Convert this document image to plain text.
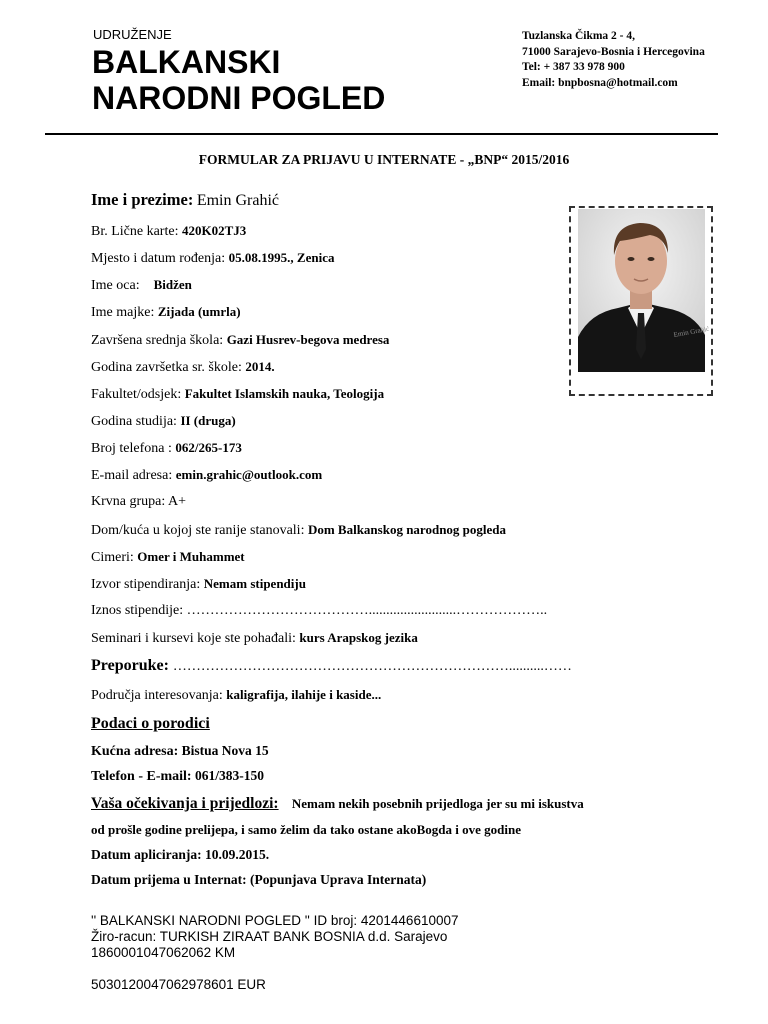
UDRUŽENJE
BALKANSKI
NARODNI POGLED
Tuzlanska Čikma 2 - 4,
71000 Sarajevo-Bosnia i Hercegovina
Tel: + 387 33 978 900
Email: bnpbosna@hotmail.com
FORMULAR ZA PRIJAVU U INTERNATE - „BNP“ 2015/2016
Emin Grahić
Ime i prezime: Emin Grahić
Br. Lične karte: 420K02TJ3
Mjesto i datum rođenja: 05.08.1995., Zenica
Ime oca: Bidžen
Ime majke: Zijada (umrla)
Završena srednja škola: Gazi Husrev-begova medresa
Godina završetka sr. škole: 2014.
Fakultet/odsjek: Fakultet Islamskih nauka, Teologija
Godina studija: II (druga)
Broj telefona : 062/265-173
E-mail adresa: emin.grahic@outlook.com
Krvna grupa: A+
Dom/kuća u kojoj ste ranije stanovali: Dom Balkanskog narodnog pogleda
Cimeri: Omer i Muhammet
Izvor stipendiranja: Nemam stipendiju
Iznos stipendije: ………………………………….........................………………..
Seminari i kursevi koje ste pohađali: kurs Arapskog jezika
Preporuke: ………………………………………………………………..........……
Područja interesovanja: kaligrafija, ilahije i kaside...
Podaci o porodici
Kućna adresa: Bistua Nova 15
Telefon - E-mail: 061/383-150
Vaša očekivanja i prijedlozi: Nemam nekih posebnih prijedloga jer su mi iskustva
od prošle godine prelijepa, i samo želim da tako ostane akoBogda i ove godine
Datum apliciranja: 10.09.2015.
Datum prijema u Internat: (Popunjava Uprava Internata)
'' BALKANSKI NARODNI POGLED '' ID broj: 4201446610007
Žiro-racun: TURKISH ZIRAAT BANK BOSNIA d.d. Sarajevo
1860001047062062 KM
5030120047062978601 EUR
